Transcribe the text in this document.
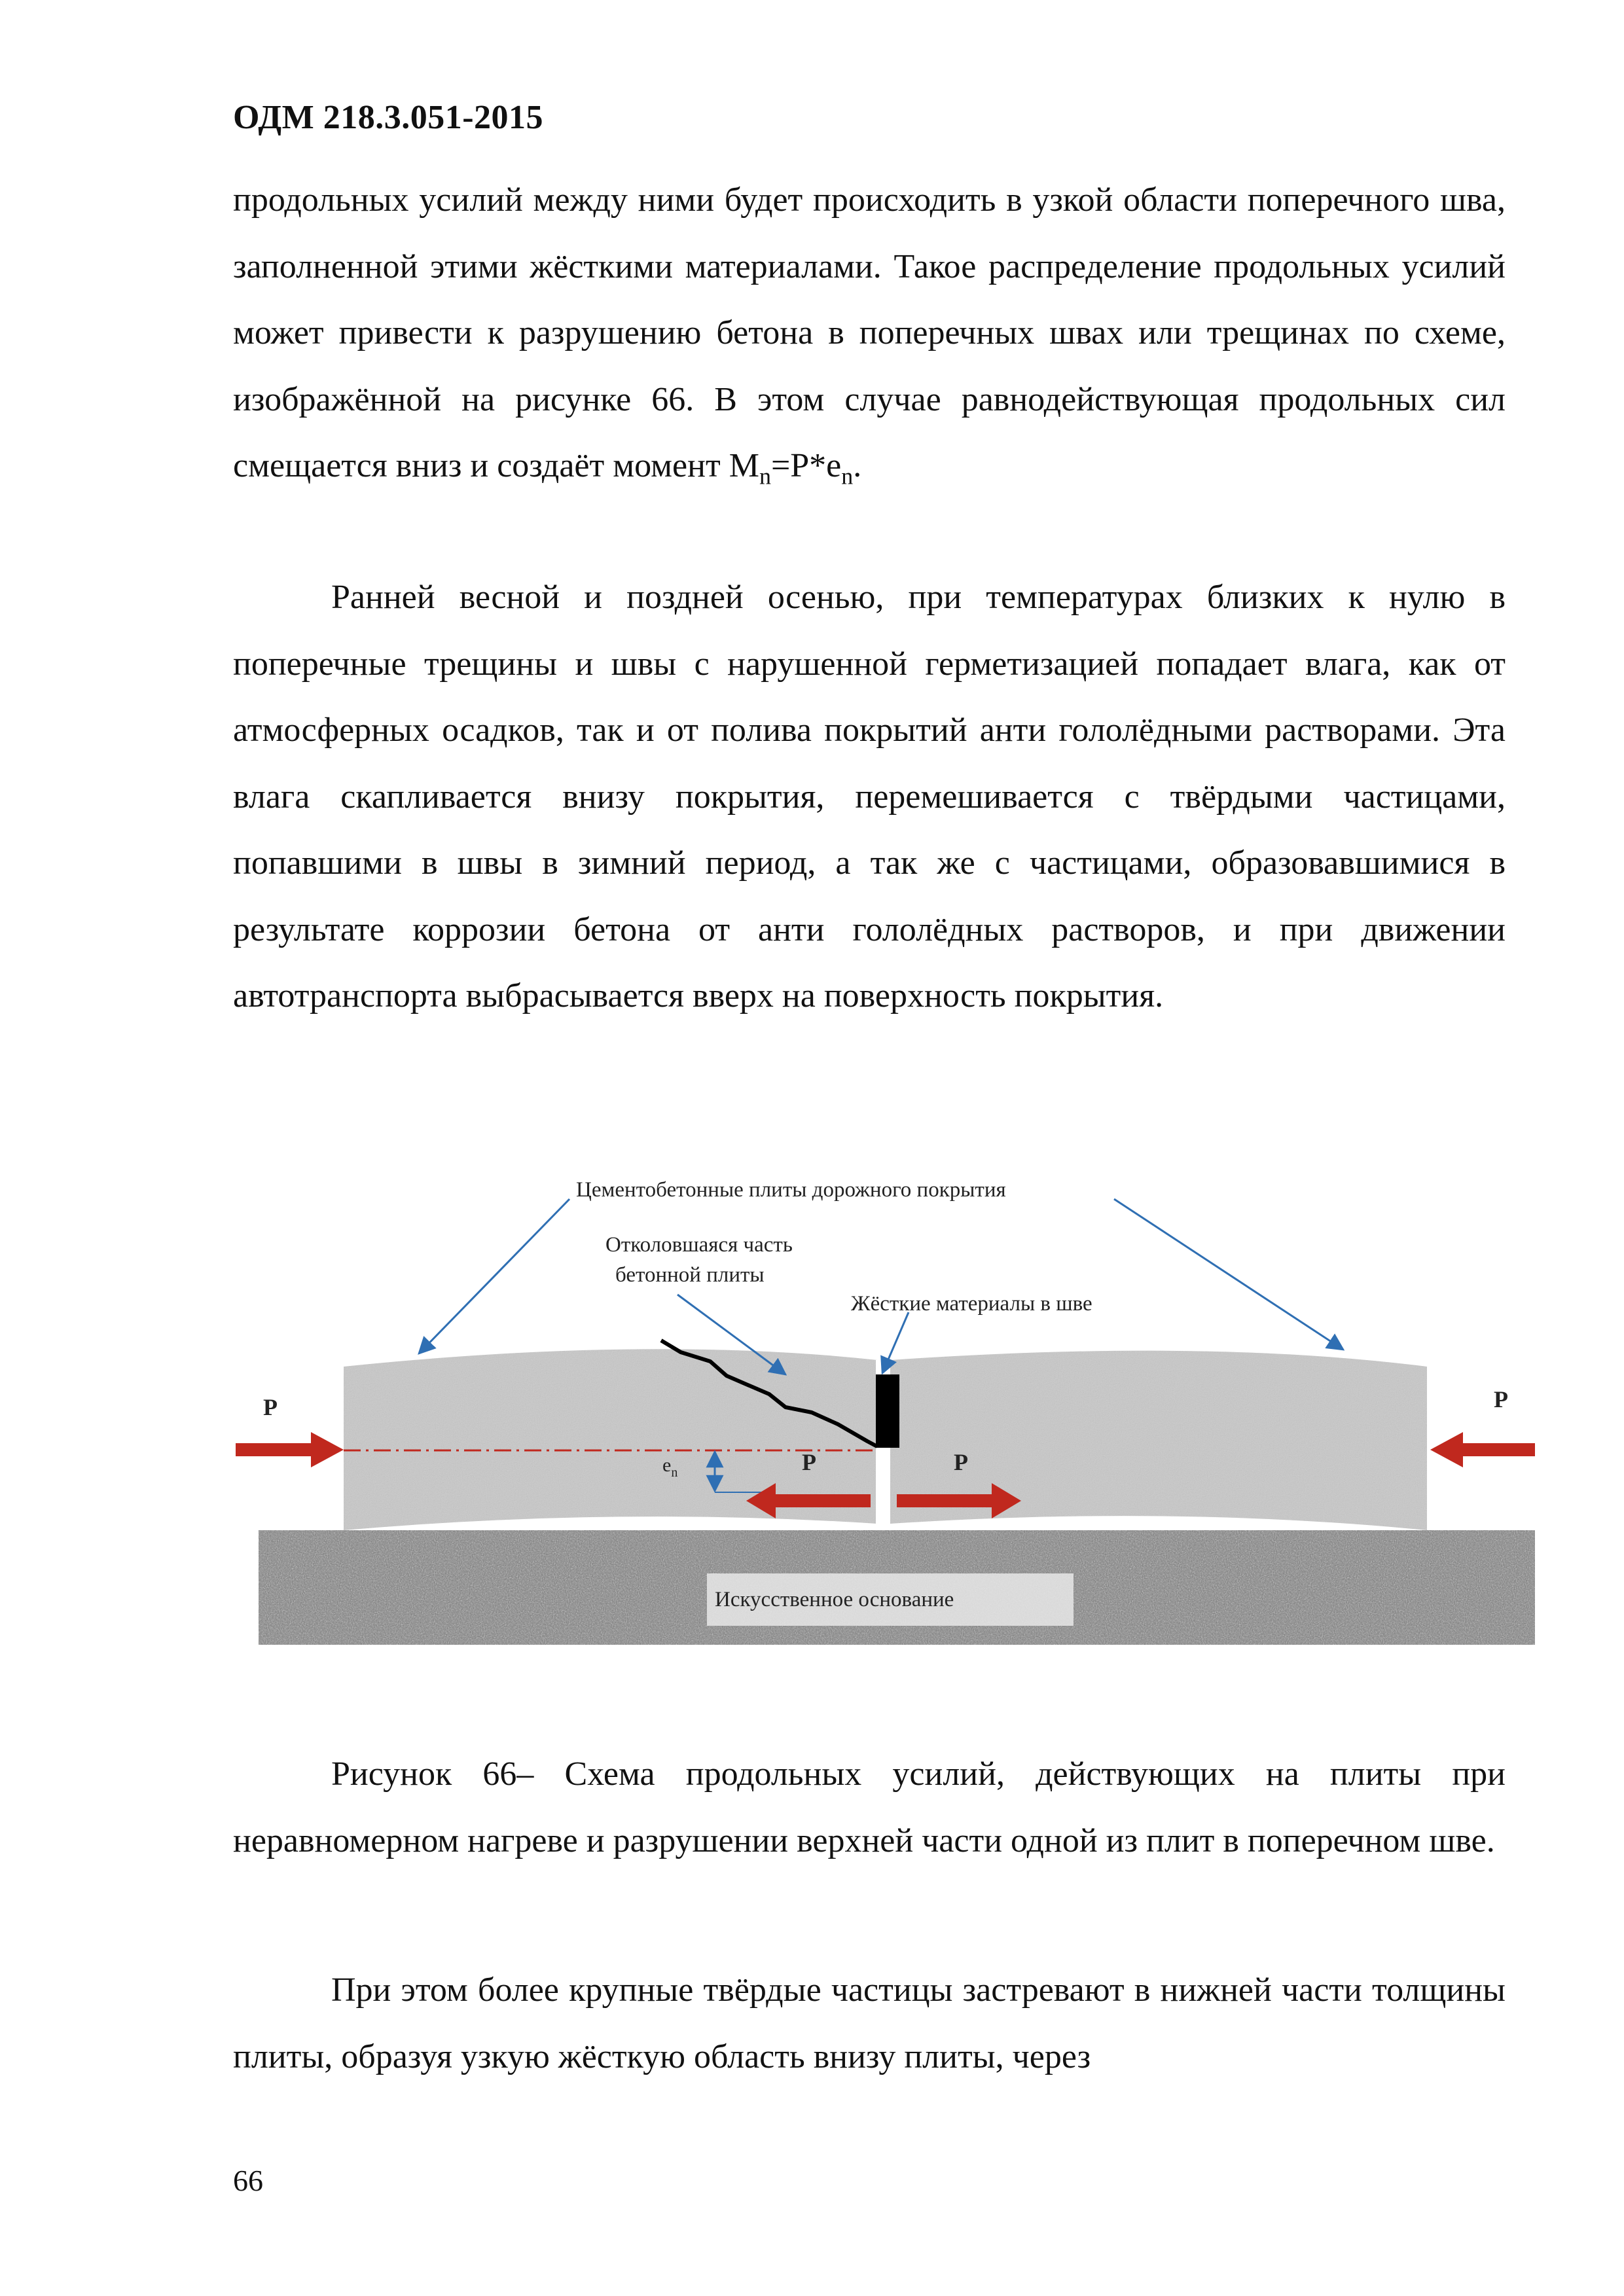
ОДМ 218.3.051-2015

продольных усилий между ними будет происходить в узкой области поперечного шва, заполненной этими жёсткими материалами. Такое распределение продольных усилий может привести к разрушению бетона в поперечных швах или трещинах по схеме, изображённой на рисунке 66. В этом случае равнодействующая продольных сил смещается вниз и создаёт момент $M_n=P*e_n$.

Ранней весной и поздней осенью, при температурах близких к нулю в поперечные трещины и швы с нарушенной герметизацией попадает влага, как от атмосферных осадков, так и от полива покрытий анти гололёдными растворами. Эта влага скапливается внизу покрытия, перемешивается с твёрдыми частицами, попавшими в швы в зимний период, а так же с частицами, образовавшимися в результате коррозии бетона от анти гололёдных растворов, и при движении автотранспорта выбрасывается вверх на поверхность покрытия.
$e_n$
P	P
P	P
Цементобетонные плиты дорожного покрытия
Отколовшаяся часть
бетонной плиты
Жёсткие материалы в шве
Искусственное основание
Рисунок 66– Схема продольных усилий, действующих на плиты при неравномерном нагреве и разрушении верхней части одной из плит в поперечном шве.
При этом более крупные твёрдые частицы застревают в нижней части толщины плиты, образуя узкую жёсткую область внизу плиты, через
66
